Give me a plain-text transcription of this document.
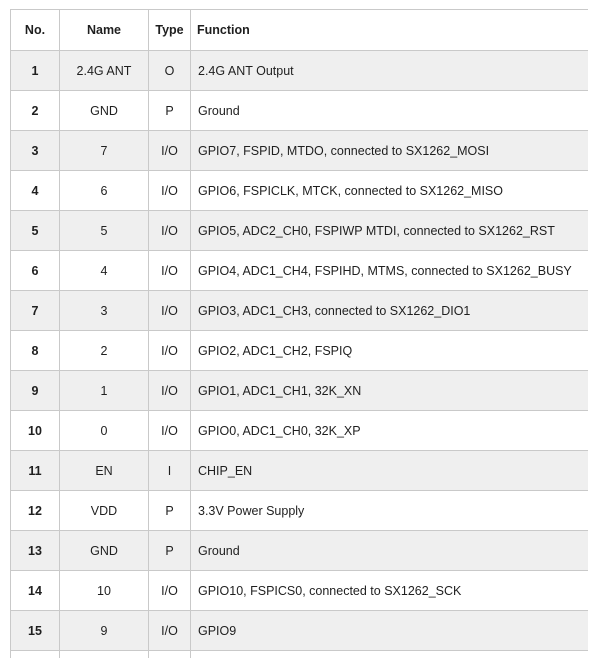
No.	Name	Type	Function
1	2.4G ANT	O	2.4G ANT Output
2	GND	P	Ground
3	7	I/O	GPIO7, FSPID, MTDO, connected to SX1262_MOSI
4	6	I/O	GPIO6, FSPICLK, MTCK, connected to SX1262_MISO
5	5	I/O	GPIO5, ADC2_CH0, FSPIWP MTDI, connected to SX1262_RST
6	4	I/O	GPIO4, ADC1_CH4, FSPIHD, MTMS, connected to SX1262_BUSY
7	3	I/O	GPIO3, ADC1_CH3, connected to SX1262_DIO1
8	2	I/O	GPIO2, ADC1_CH2, FSPIQ
9	1	I/O	GPIO1, ADC1_CH1, 32K_XN
10	0	I/O	GPIO0, ADC1_CH0, 32K_XP
11	EN	I	CHIP_EN
12	VDD	P	3.3V Power Supply
13	GND	P	Ground
14	10	I/O	GPIO10, FSPICS0, connected to SX1262_SCK
15	9	I/O	GPIO9
